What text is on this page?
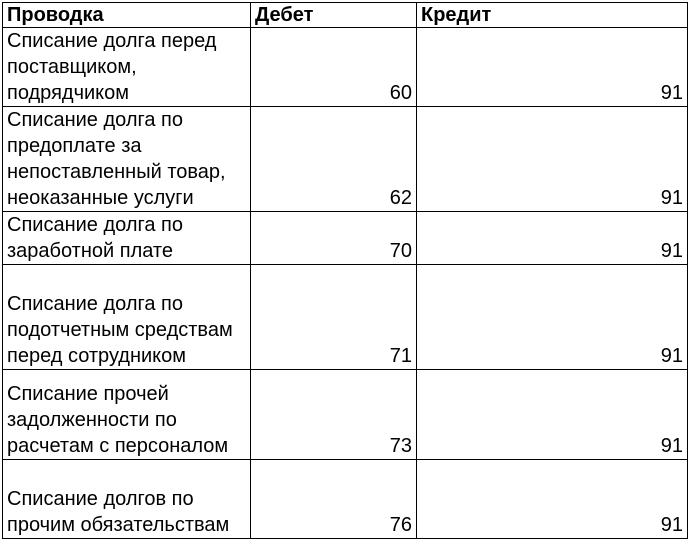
Проводка	Дебет	Кредит
Списание долга перед
поставщиком,
подрядчиком	60	91
Списание долга по
предоплате за
непоставленный товар,
неоказанные услуги	62	91
Списание долга по
заработной плате	70	91
Списание долга по
подотчетным средствам
перед сотрудником	71	91
Списание прочей
задолженности по
расчетам с персоналом	73	91
Списание долгов по
прочим обязательствам	76	91
